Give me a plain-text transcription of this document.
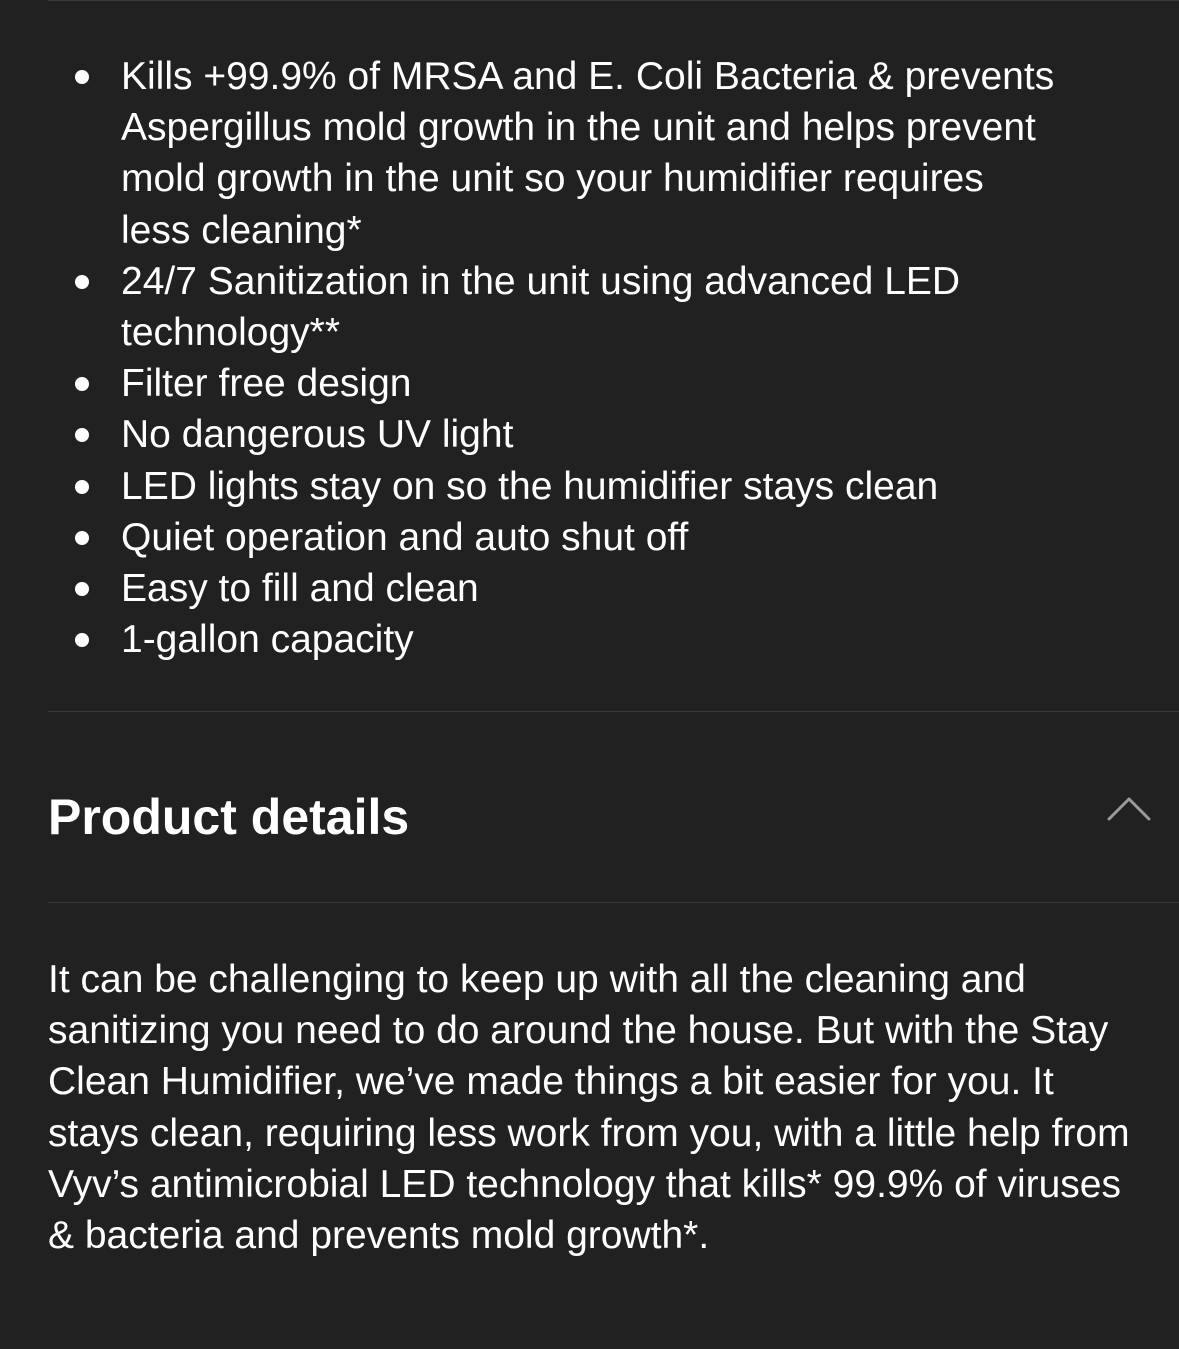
Kills +99.9% of MRSA and E. Coli Bacteria & prevents Aspergillus mold growth in the unit and helps prevent mold growth in the unit so your humidifier requires less cleaning*
24/7 Sanitization in the unit using advanced LED technology**
Filter free design
No dangerous UV light
LED lights stay on so the humidifier stays clean
Quiet operation and auto shut off
Easy to fill and clean
1-gallon capacity
Product details

It can be challenging to keep up with all the cleaning and sanitizing you need to do around the house. But with the Stay Clean Humidifier, we’ve made things a bit easier for you. It stays clean, requiring less work from you, with a little help from Vyv’s antimicrobial LED technology that kills* 99.9% of viruses & bacteria and prevents mold growth*.
